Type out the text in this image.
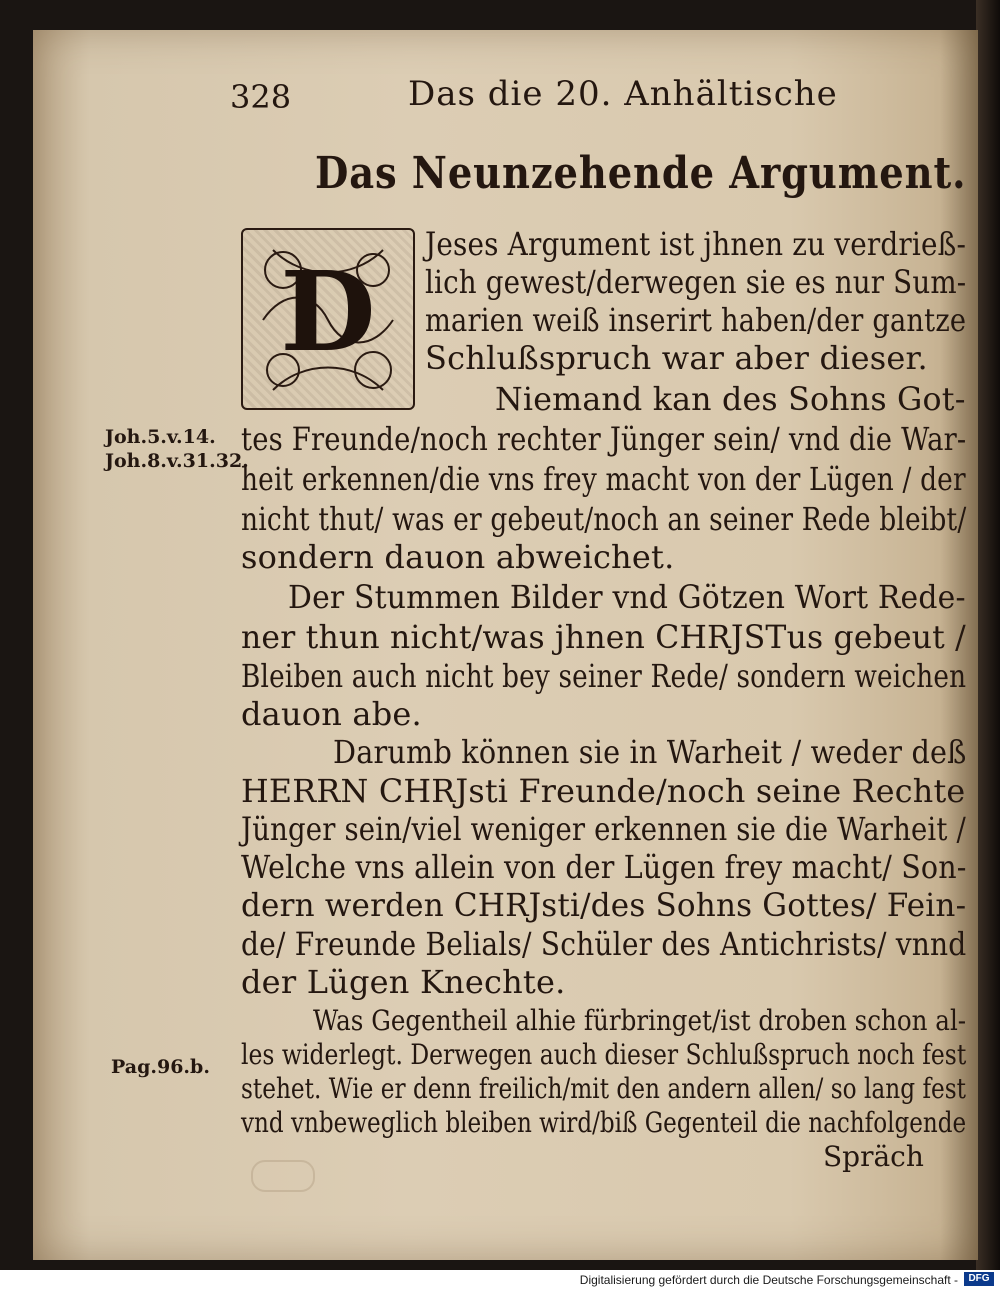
328	Das die 20. Anhältische
Das Neunzehende Argument.
D
Jeses Argument ist jhnen zu verdrieß-
lich gewest/derwegen sie es nur Sum-
marien weiß inserirt haben/der gantze
Schlußspruch war aber dieser.
Niemand kan des Sohns Got-
tes Freunde/noch rechter Jünger sein/ vnd die War-
heit erkennen/die vns frey macht von der Lügen / der
nicht thut/ was er gebeut/noch an seiner Rede bleibt/
sondern dauon abweichet.
Der Stummen Bilder vnd Götzen Wort Rede-
ner thun nicht/was jhnen CHRJSTus gebeut /
Bleiben auch nicht bey seiner Rede/ sondern weichen
dauon abe.
Darumb können sie in Warheit / weder deß
HERRN CHRJsti Freunde/noch seine Rechte
Jünger sein/viel weniger erkennen sie die Warheit /
Welche vns allein von der Lügen frey macht/ Son-
dern werden CHRJsti/des Sohns Gottes/ Fein-
de/ Freunde Belials/ Schüler des Antichrists/ vnnd
der Lügen Knechte.
Was Gegentheil alhie fürbringet/ist droben schon al-
les widerlegt. Derwegen auch dieser Schlußspruch noch fest
stehet. Wie er denn freilich/mit den andern allen/ so lang fest
vnd vnbeweglich bleiben wird/biß Gegenteil die nachfolgende
Spräch
Joh.5.v.14.
Joh.8.v.31.32.
Pag.96.b.
Digitalisierung gefördert durch die Deutsche Forschungsgemeinschaft -	DFG
